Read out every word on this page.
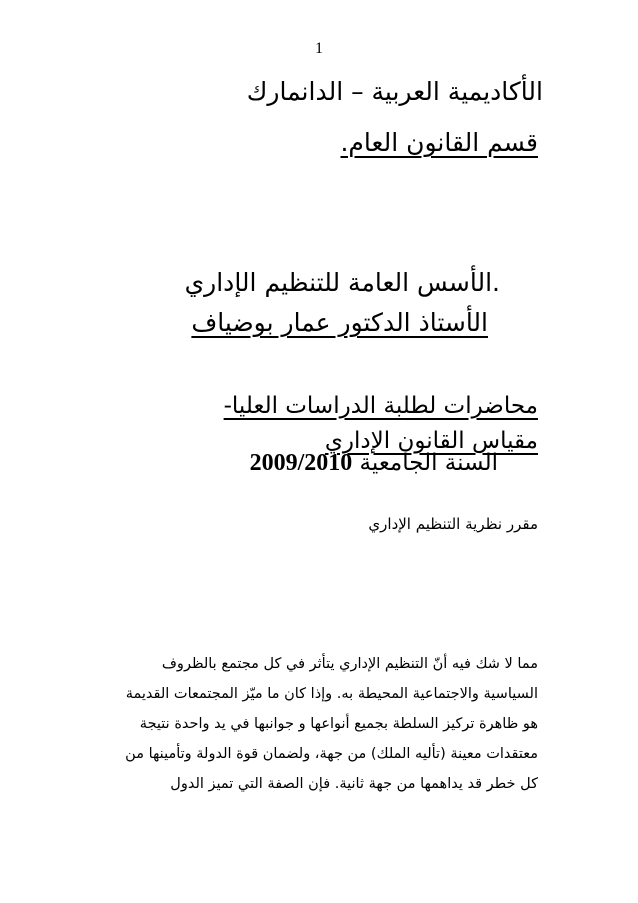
1
الأكاديمية العربية – الدانمارك
قسم القانون العام.
.الأسس العامة للتنظيم الإداري
الأستاذ الدكتور عمار بوضياف
محاضرات لطلبة الدراسات العليا-
مقياس القانون الإداري
السنة الجامعية 2009/2010
مقرر نظرية التنظيم الإداري
مما لا شك فيه أنّ التنظيم الإداري يتأثر في كل مجتمع بالظروف
السياسية والاجتماعية المحيطة به. وإذا كان ما ميّز المجتمعات القديمة
هو ظاهرة تركيز السلطة بجميع أنواعها و جوانبها في يد واحدة نتيجة
معتقدات معينة (تأليه الملك) من جهة، ولضمان قوة الدولة وتأمينها من
كل خطر قد يداهمها من جهة ثانية. فإن الصفة التي تميز الدول
